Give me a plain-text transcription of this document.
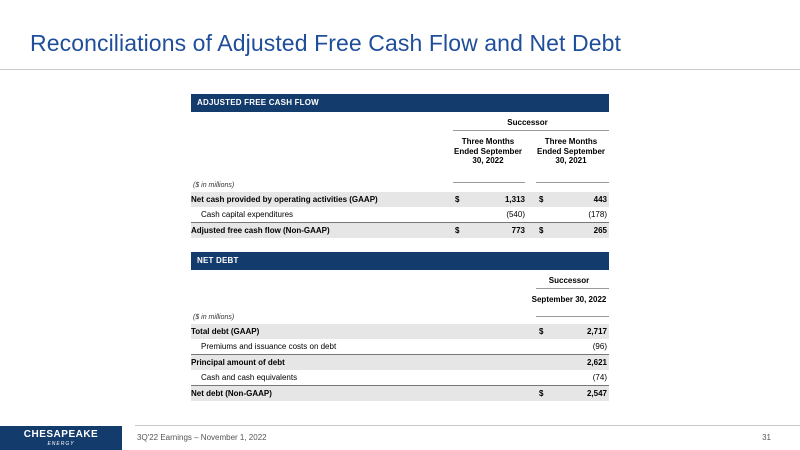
Reconciliations of Adjusted Free Cash Flow and Net Debt
ADJUSTED FREE CASH FLOW
Successor
Three Months Ended September 30, 2022
Three Months Ended September 30, 2021
($ in millions)
Net cash provided by operating activities (GAAP)	$	1,313 $	443
Cash capital expenditures	(540)	(178)
Adjusted free cash flow (Non-GAAP)	$	773 $	265
NET DEBT
Successor
September 30, 2022
($ in millions)
Total debt (GAAP)	$	2,717
Premiums and issuance costs on debt	(96)
Principal amount of debt	2,621
Cash and cash equivalents	(74)
Net debt (Non-GAAP)	$	2,547
CHESAPEAKE
ENERGY
3Q'22 Earnings – November 1, 2022	31
